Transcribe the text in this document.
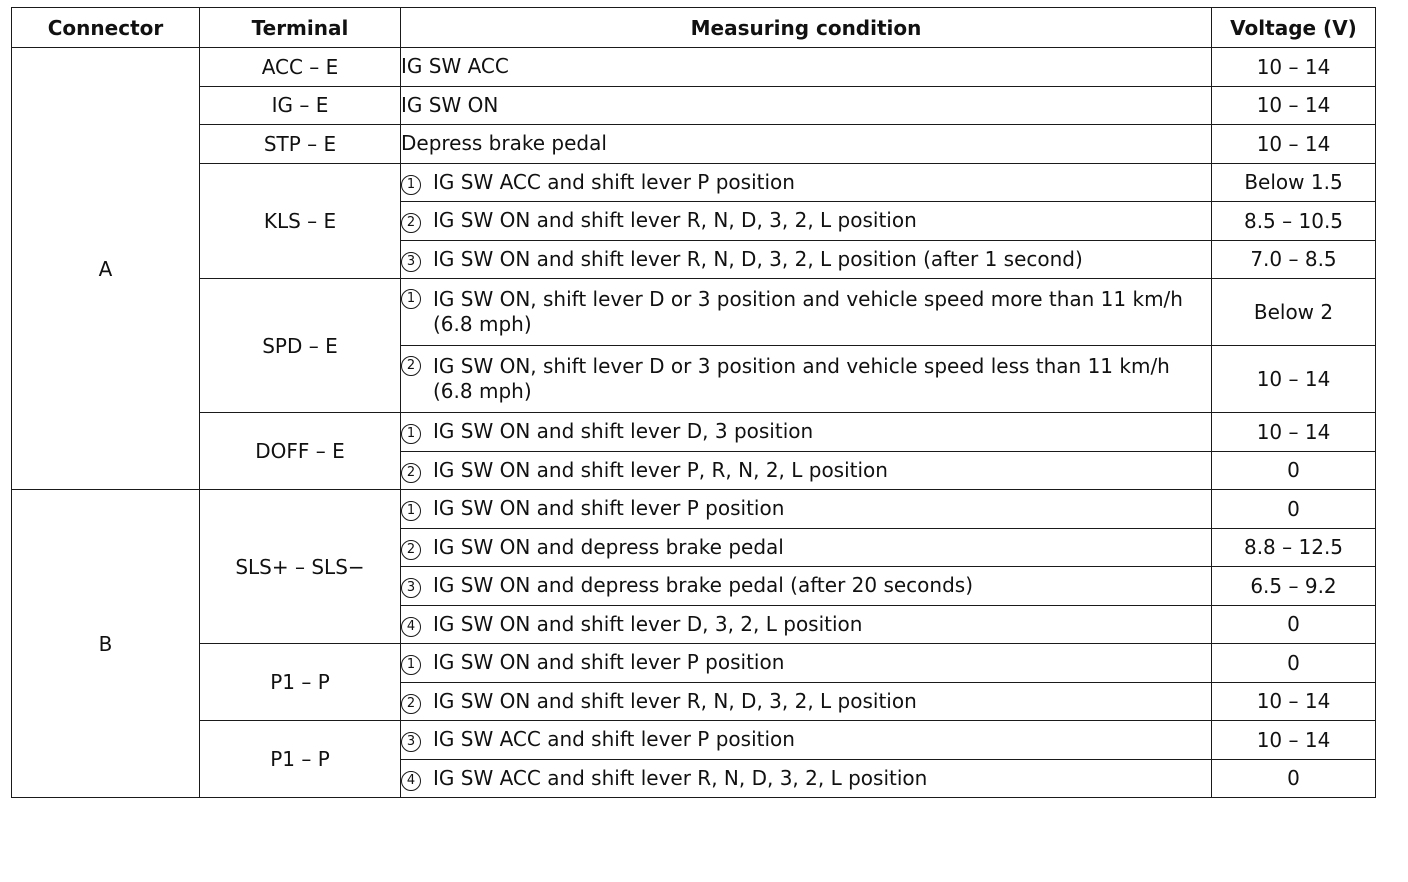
Connector	Terminal	Measuring condition	Voltage (V)
A	ACC – E	IG SW ACC	10 – 14
	IG – E	IG SW ON	10 – 14
	STP – E	Depress brake pedal	10 – 14
	KLS – E	1 IG SW ACC and shift lever P position	Below 1.5
		2 IG SW ON and shift lever R, N, D, 3, 2, L position	8.5 – 10.5
		3 IG SW ON and shift lever R, N, D, 3, 2, L position (after 1 second)	7.0 – 8.5
	SPD – E	1 IG SW ON, shift lever D or 3 position and vehicle speed more than 11 km/h (6.8 mph)	Below 2

		2 IG SW ON, shift lever D or 3 position and vehicle speed less than 11 km/h (6.8 mph)	10 – 14
	DOFF – E	1 IG SW ON and shift lever D, 3 position	10 – 14
		2 IG SW ON and shift lever P, R, N, 2, L position	0
B	SLS+ – SLS−	1 IG SW ON and shift lever P position	0
		2 IG SW ON and depress brake pedal	8.8 – 12.5
		3 IG SW ON and depress brake pedal (after 20 seconds)	6.5 – 9.2
		4 IG SW ON and shift lever D, 3, 2, L position	0
	P1 – P	1 IG SW ON and shift lever P position	0
		2 IG SW ON and shift lever R, N, D, 3, 2, L position	10 – 14
	P1 – P	3 IG SW ACC and shift lever P position	10 – 14
		4 IG SW ACC and shift lever R, N, D, 3, 2, L position	0
